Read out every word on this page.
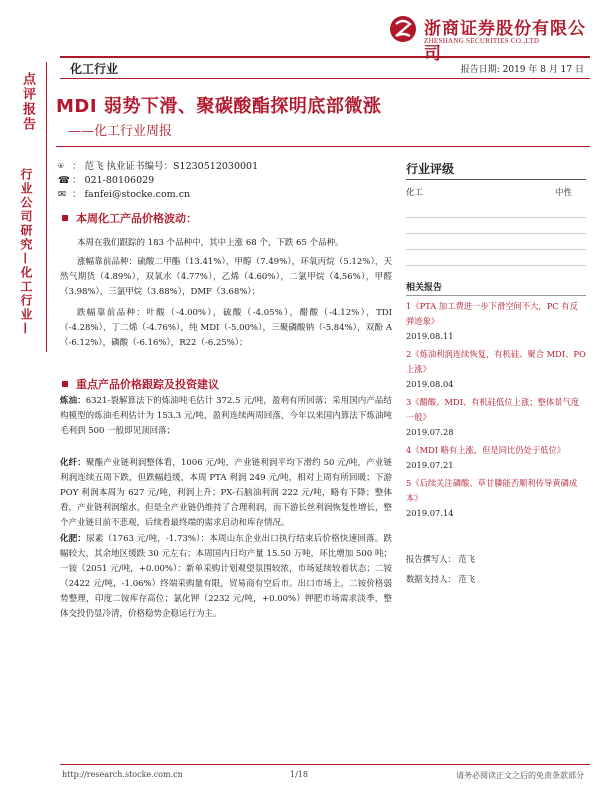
浙商证券股份有限公司
ZHESHANG SECURITIES CO.,LTD
化工行业	报告日期: 2019 年 8 月 17 日
点评报告
行业公司研究—化工行业—
MDI 弱势下滑、聚碳酸酯探明底部微涨
——化工行业周报
⍟ ： 范飞 执业证书编号：S1230512030001
☎ ： 021-80106029
✉ ： fanfei@stocke.com.cn
行业评级
化工	中性
相关报告
1《PTA 加工费进一步下滑空间不大，PC 有反弹迹象》
2019.08.11
2《炼油利润连续恢复，有机硅、聚合 MDI、PO 上涨》
2019.08.04
3《醋酸、MDI、有机硅低位上涨；整体景气度一般》
2019.07.28
4《MDI 略有上涨，但是同比仍处于低位》
2019.07.21
5《后续关注磷酸、草甘膦能否顺利传导黄磷成本》
2019.07.14
报告撰写人： 范飞
数据支持人： 范飞
本周化工产品价格波动：
本周在我们跟踪的 183 个品种中，其中上涨 68 个，下跌 65 个品种。
涨幅靠前品种：硫酸二甲酯（13.41%），甲醇（7.49%），环氧丙烷（5.12%），天然气期货（4.89%），双氧水（4.77%），乙烯（4.60%），二氯甲烷（4.56%），甲醛（3.98%），三氯甲烷（3.88%），DMF（3.68%）；
跌幅靠前品种：叶酸（-4.00%），硫酸（-4.05%），醋酸（-4.12%），TDI（-4.28%），丁二烯（-4.76%），纯 MDI（-5.00%），三聚磷酸钠（-5.84%），双酚 A（-6.12%），磷酸（-6.16%），R22（-6.25%）；
重点产品价格跟踪及投资建议
炼油：6321-裂解算法下的炼油吨毛估计 372.5 元/吨，盈利有所回落；采用国内产品结构模型的炼油毛利估计为 153.3 元/吨，盈利连续两周回落，今年以来国内算法下炼油吨毛利到 500 一般即见顶回落；
化纤：聚酯产业链利润整体看，1006 元/吨，产业链利润平均下滑约 50 元/吨，产业链利润连续五周下跌，但跌幅趋缓，本周 PTA 利润 249 元/吨，相对上周有所回暖；下游 POY 利润本周为 627 元/吨，利润上升；PX-石脑油利润 222 元/吨，略有下降；整体看，产业链利润缩水，但是全产业链仍维持了合理利润，而下游长丝利润恢复性增长，整个产业链目前不悲观，后续看最终端的需求启动和库存情况。
化肥：尿素（1763 元/吨，-1.73%）：本周山东企业出口执行结束后价格快速回落。跌幅较大，其余地区缓跌 30 元左右；本周国内日均产量 15.50 万吨，环比增加 500 吨；一铵（2051 元/吨，+0.00%）：新单采购计划观望氛围较浓，市场延续较着状态；二铵（2422 元/吨，-1.06%）终端采购量有限，贸易商有空后市。出口市场上，二铵价格弱势整理，印度二铵库存高位；氯化钾（2232 元/吨，+0.00%）钾肥市场需求淡季，整体交投仍显冷清，价格稳势企稳运行为主。
http://research.stocke.com.cn	1/18	请务必阅读正文之后的免责条款部分
